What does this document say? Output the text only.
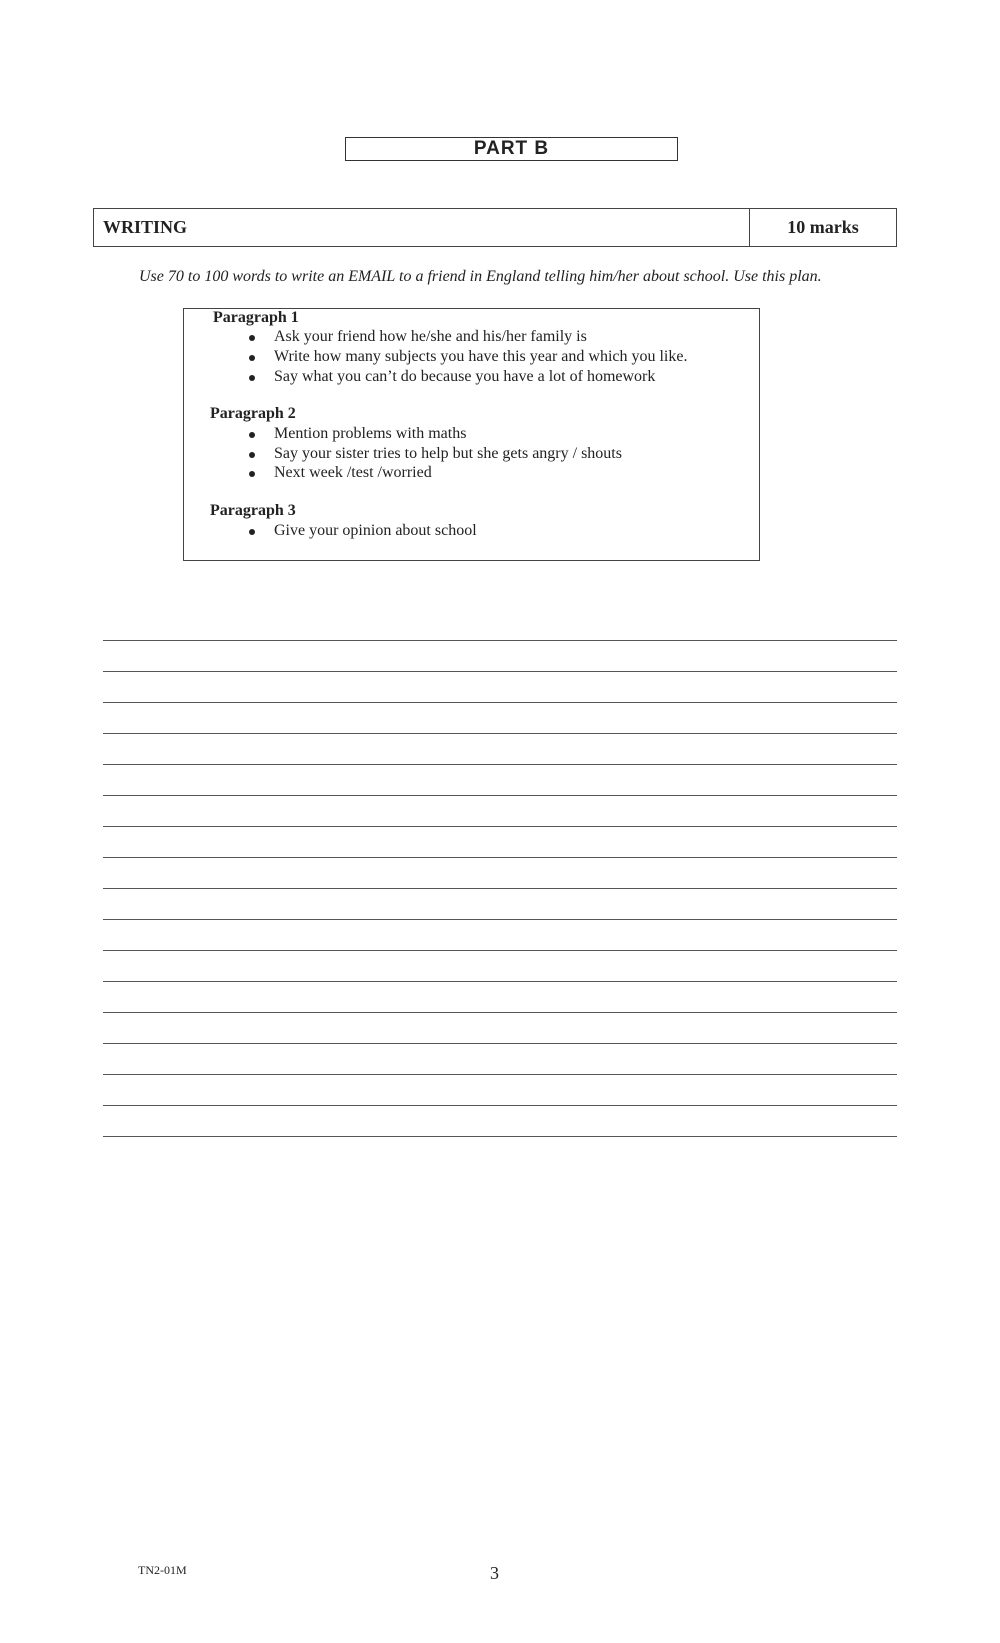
PART B
WRITING	10 marks
Use 70 to 100 words to write an EMAIL to a friend in England telling him/her about school. Use this plan.
Paragraph 1
Ask your friend how he/she and his/her family is
Write how many subjects you have this year and which you like.
Say what you can’t do because you have a lot of homework
Paragraph 2
Mention problems with maths
Say your sister tries to help but she gets angry / shouts
Next week /test /worried
Paragraph 3
Give your opinion about school
TN2-01M	3
